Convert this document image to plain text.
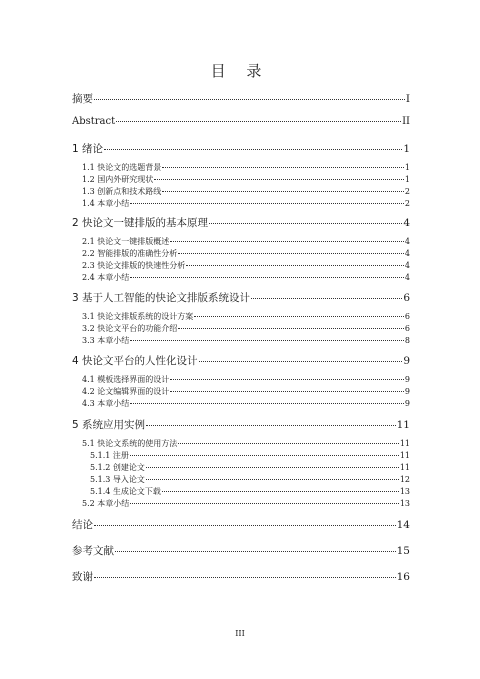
目 录
摘要	I
Abstract	II
1 绪论	1
1.1 快论文的选题背景	1
1.2 国内外研究现状	1
1.3 创新点和技术路线	2
1.4 本章小结	2
2 快论文一键排版的基本原理	4
2.1 快论文一键排版概述	4
2.2 智能排版的准确性分析	4
2.3 快论文排版的快速性分析	4
2.4 本章小结	4
3 基于人工智能的快论文排版系统设计	6
3.1 快论文排版系统的设计方案	6
3.2 快论文平台的功能介绍	6
3.3 本章小结	8
4 快论文平台的人性化设计	9
4.1 模板选择界面的设计	9
4.2 论文编辑界面的设计	9
4.3 本章小结	9
5 系统应用实例	11
5.1 快论文系统的使用方法	11
5.1.1 注册	11
5.1.2 创建论文	11
5.1.3 导入论文	12
5.1.4 生成论文下载	13
5.2 本章小结	13
结论	14
参考文献	15
致谢	16
III
